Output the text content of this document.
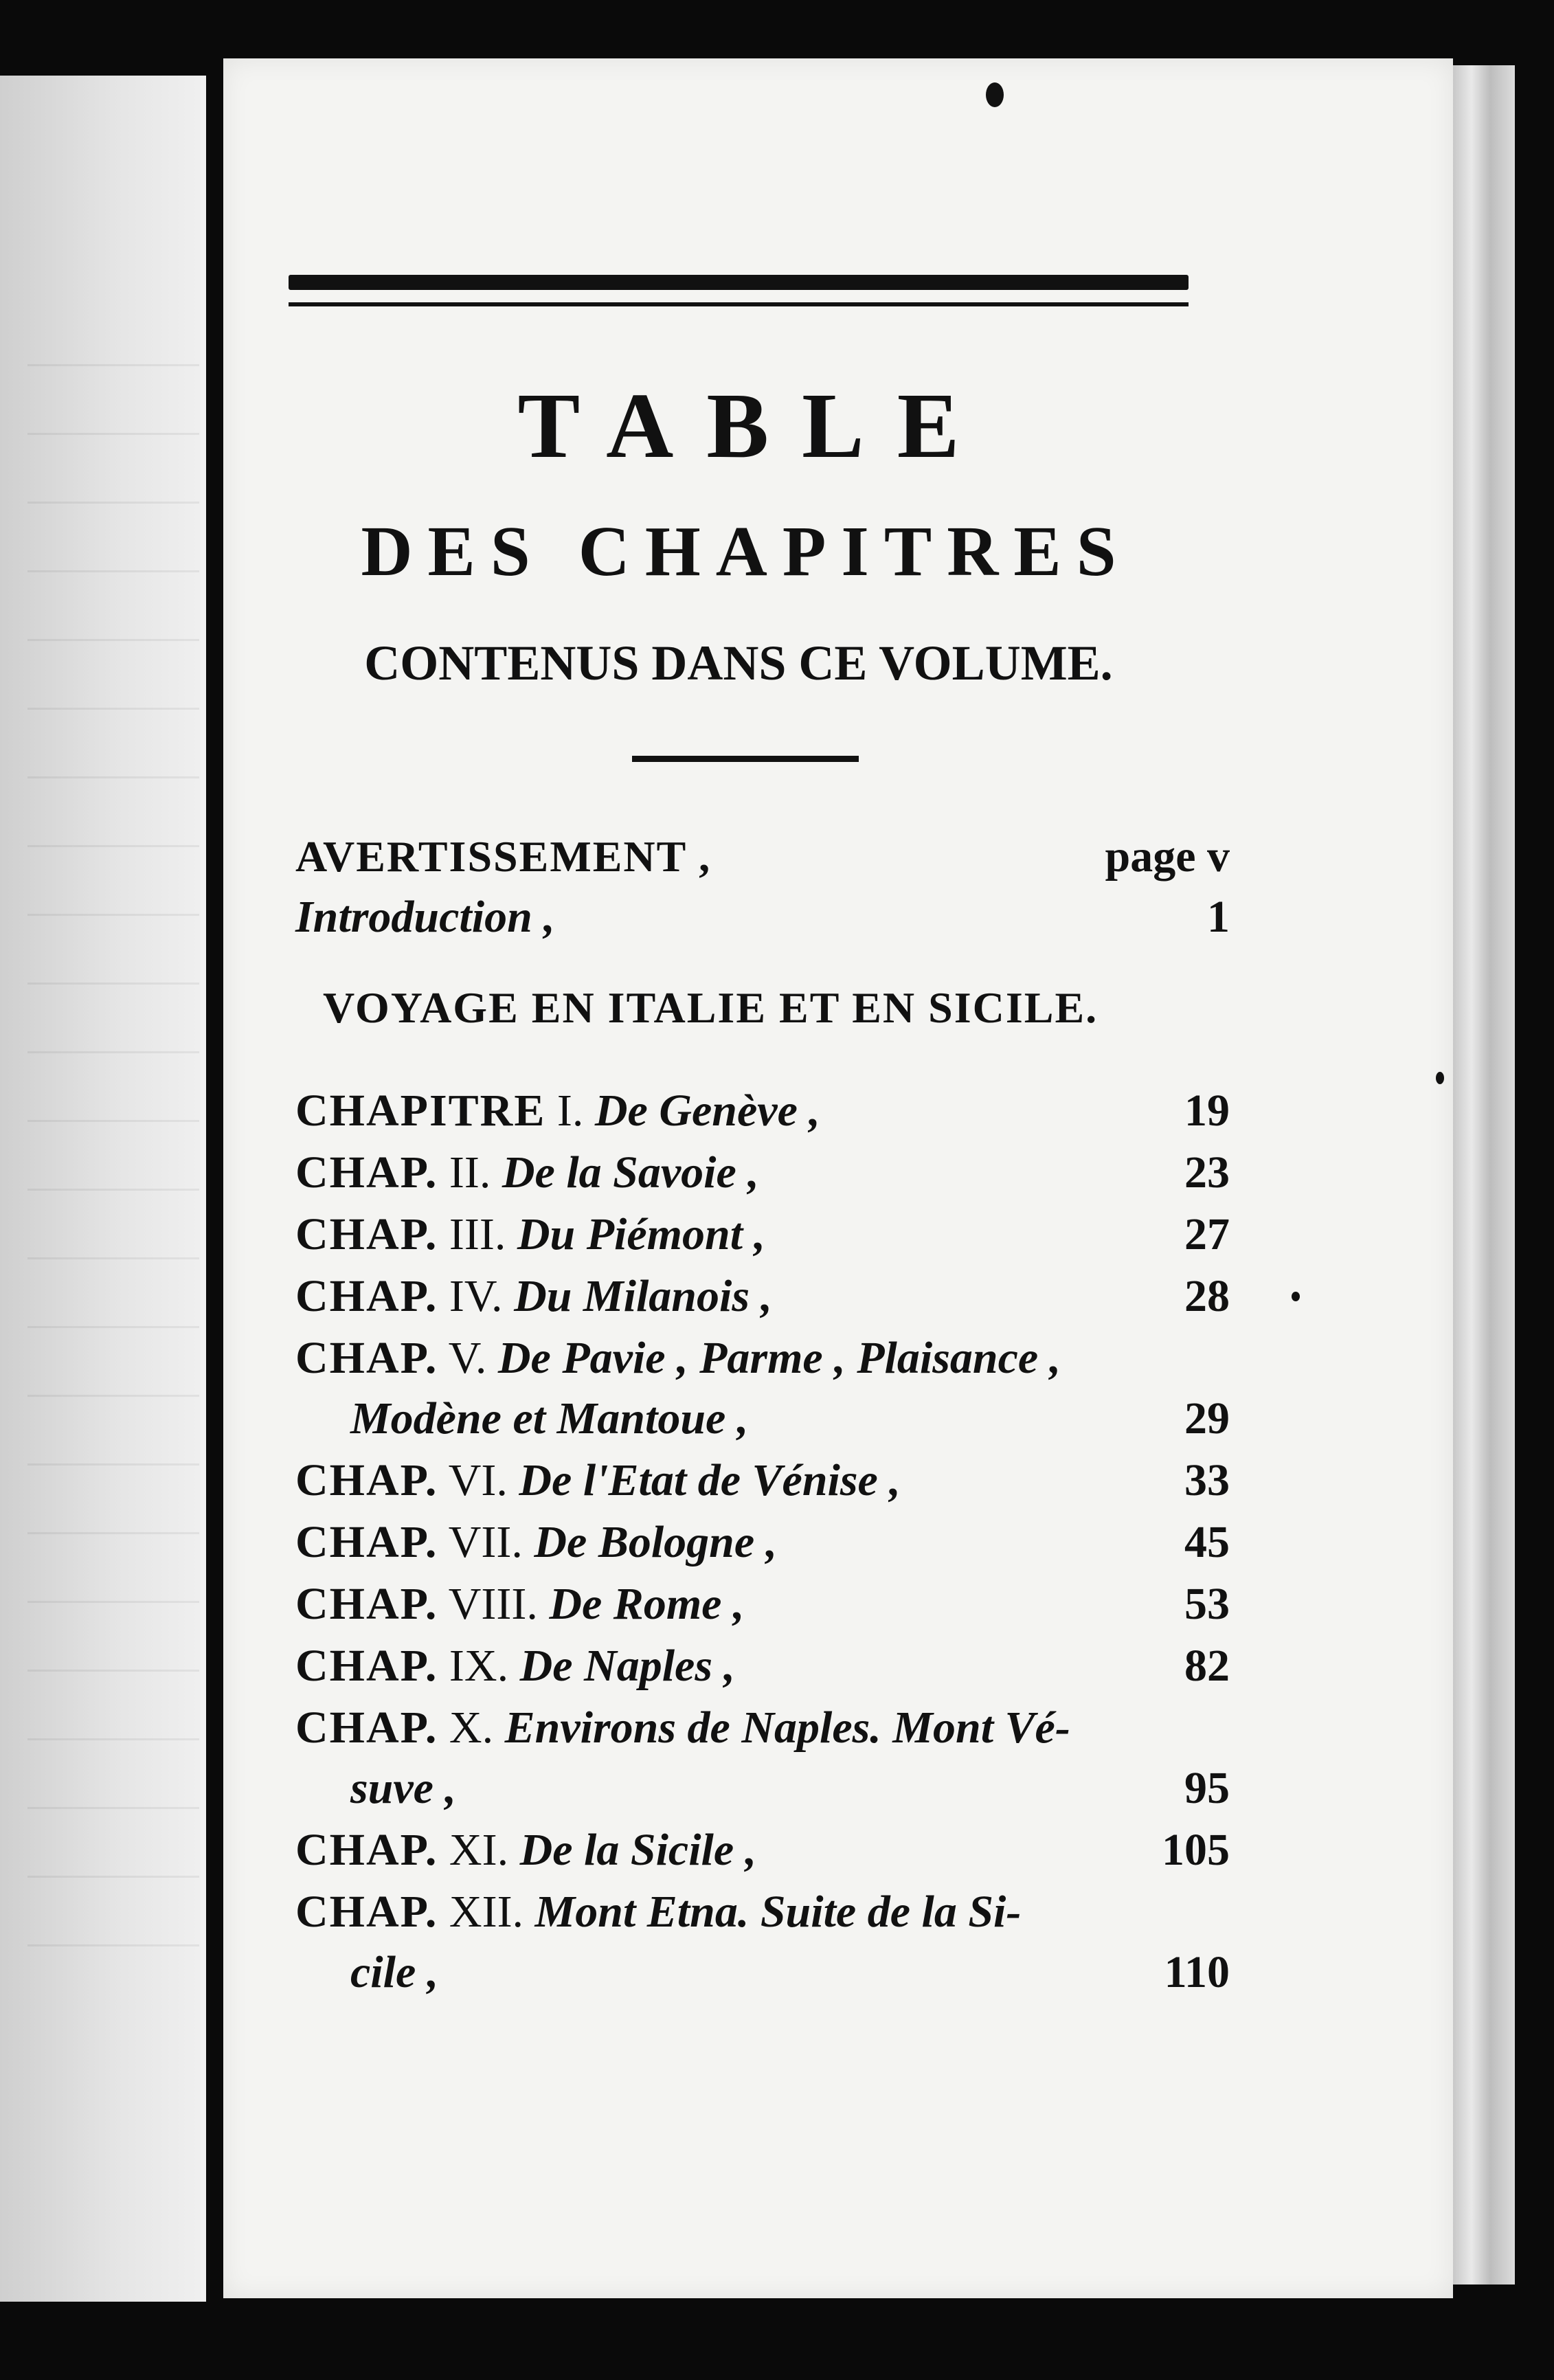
TABLE
DES CHAPITRES
CONTENUS DANS CE VOLUME.
AVERTISSEMENT ,	page v
Introduction ,	1
VOYAGE EN ITALIE ET EN SICILE.
CHAPITRE I. De Genève ,	19
CHAP. II. De la Savoie ,	23
CHAP. III. Du Piémont ,	27
CHAP. IV. Du Milanois ,	28
CHAP. V. De Pavie , Parme , Plaisance ,
Modène et Mantoue ,	29
CHAP. VI. De l'Etat de Vénise ,	33
CHAP. VII. De Bologne ,	45
CHAP. VIII. De Rome ,	53
CHAP. IX. De Naples ,	82
CHAP. X. Environs de Naples. Mont Vé-
suve ,	95
CHAP. XI. De la Sicile ,	105
CHAP. XII. Mont Etna. Suite de la Si-
cile ,	110
